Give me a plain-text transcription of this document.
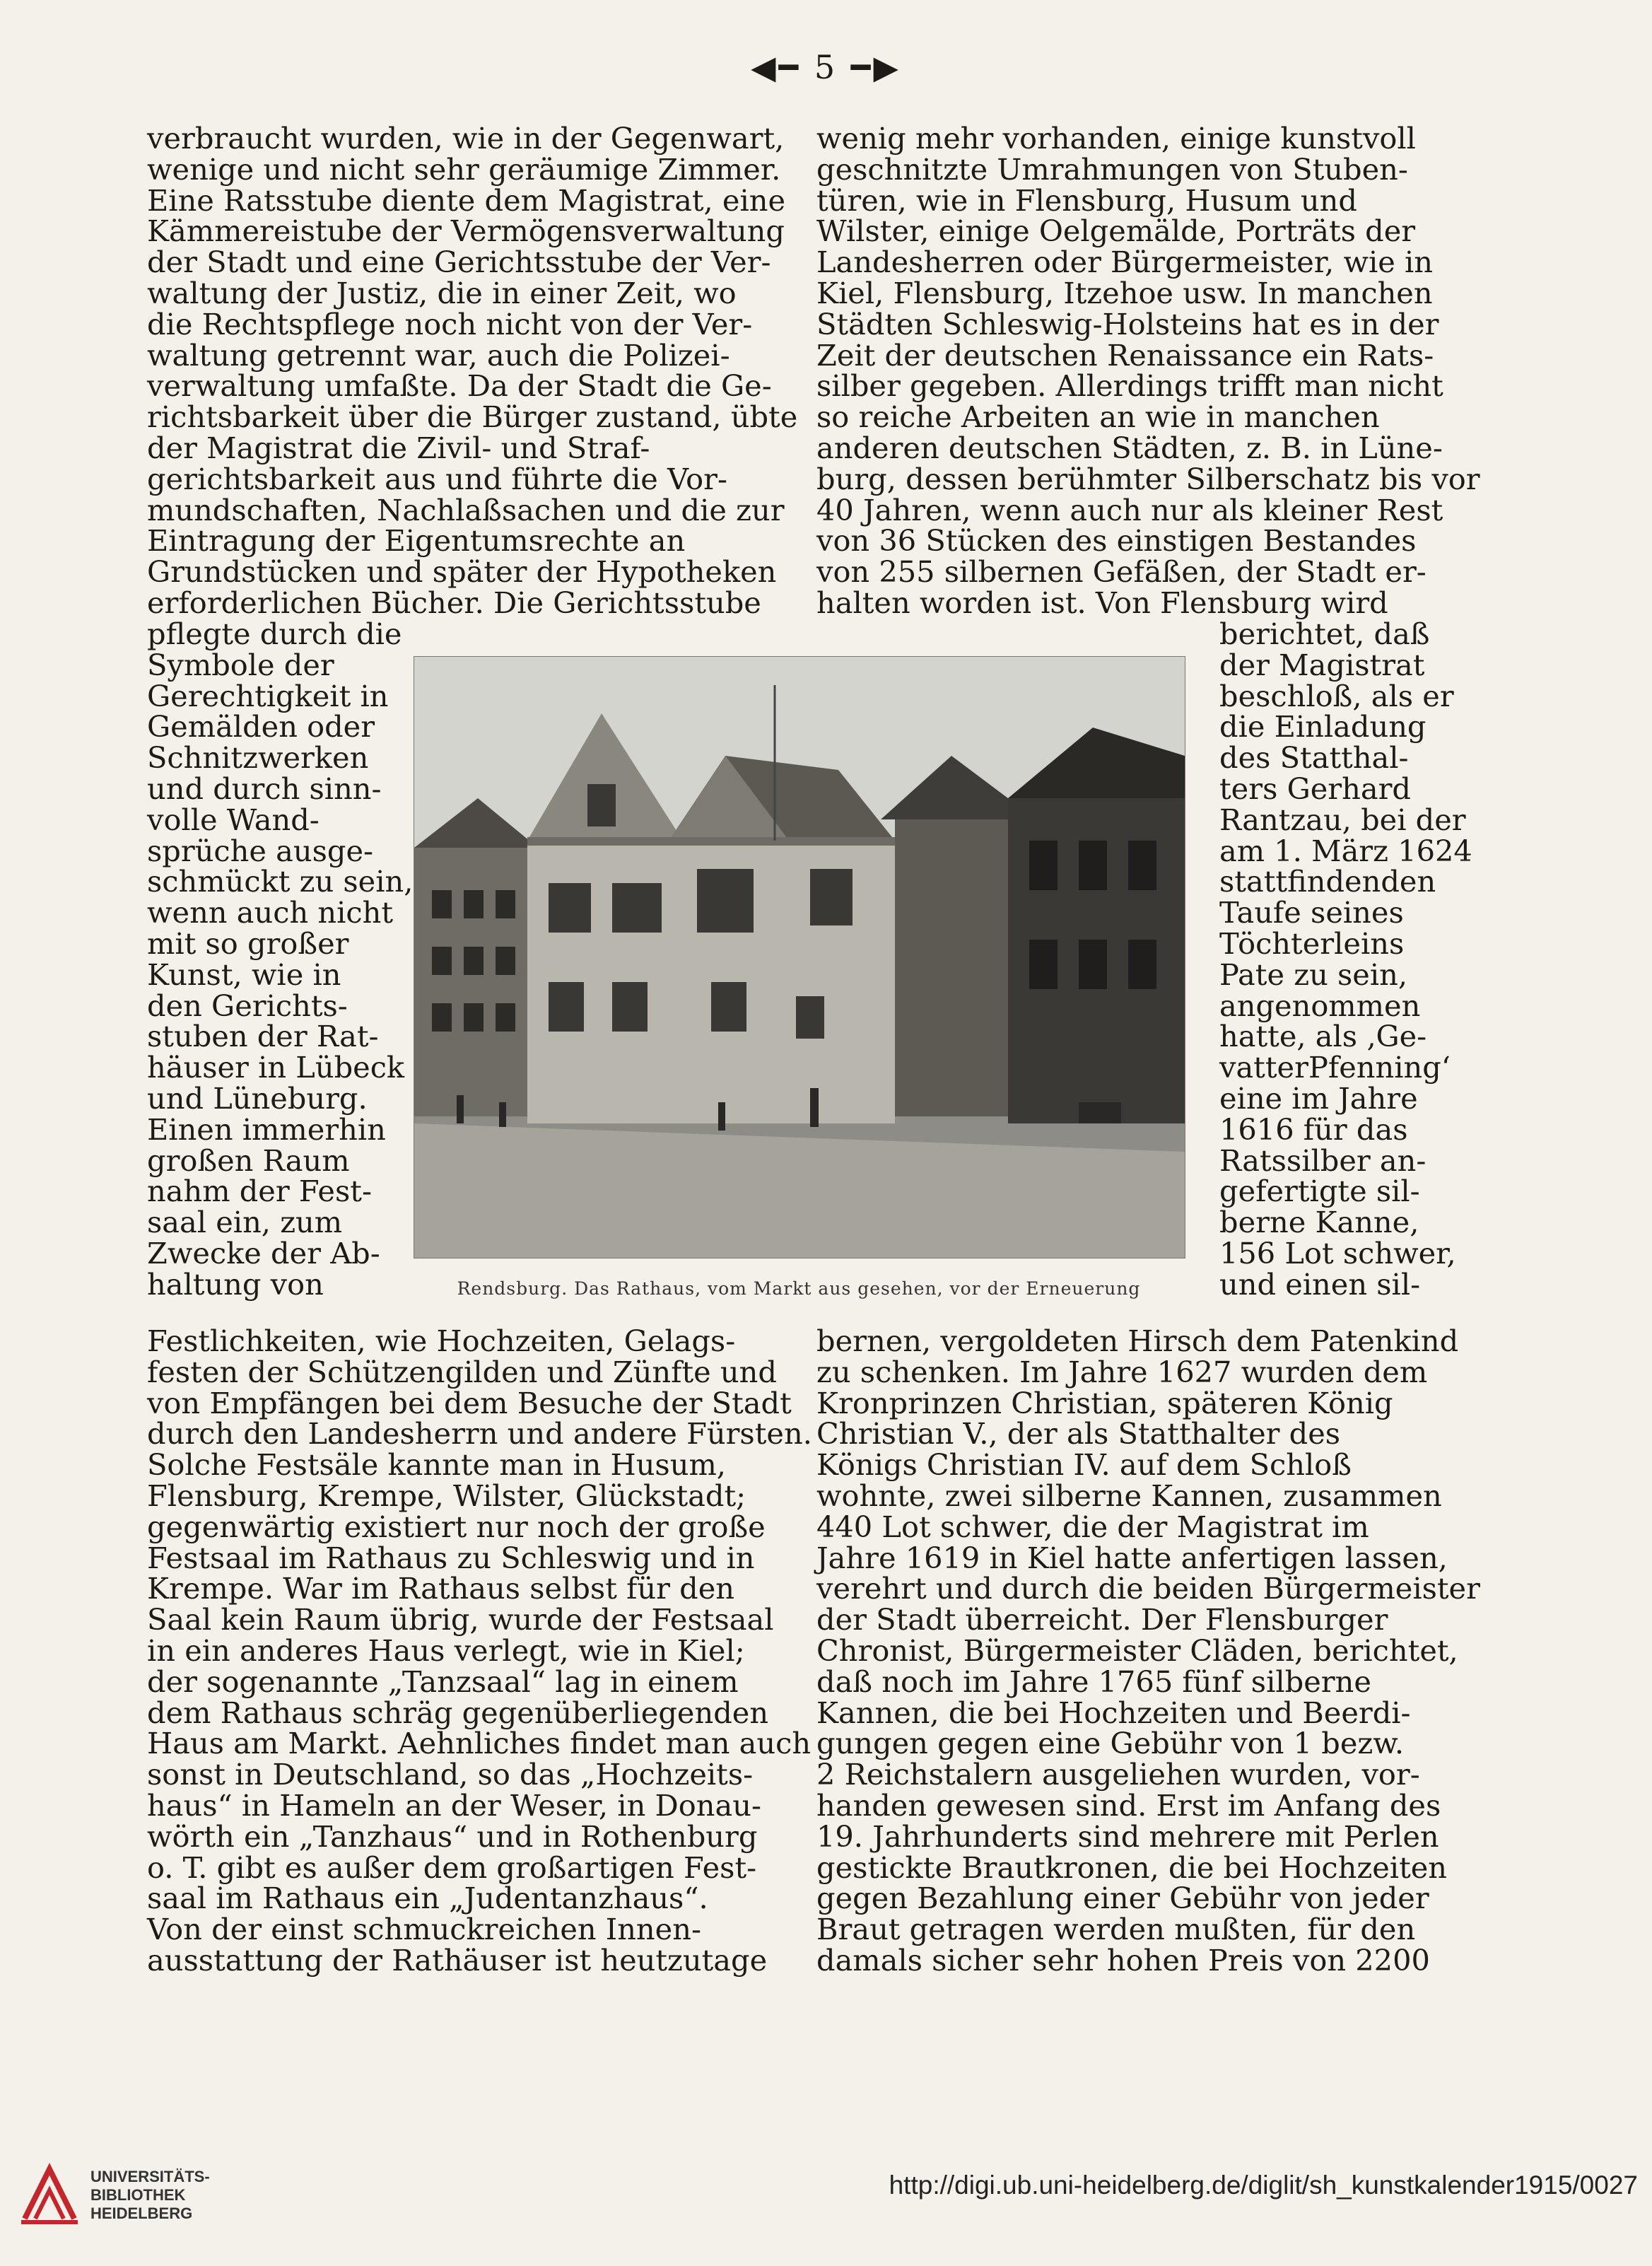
◀━ 5 ━▶
verbraucht wurden, wie in der Gegenwart,
wenige und nicht sehr geräumige Zimmer.
Eine Ratsstube diente dem Magistrat, eine
Kämmereistube der Vermögensverwaltung
der Stadt und eine Gerichtsstube der Ver-
waltung der Justiz, die in einer Zeit, wo
die Rechtspflege noch nicht von der Ver-
waltung getrennt war, auch die Polizei-
verwaltung umfaßte. Da der Stadt die Ge-
richtsbarkeit über die Bürger zustand, übte
der Magistrat die Zivil- und Straf-
gerichtsbarkeit aus und führte die Vor-
mundschaften, Nachlaßsachen und die zur
Eintragung der Eigentumsrechte an
Grundstücken und später der Hypotheken
erforderlichen Bücher. Die Gerichtsstube
pflegte durch die
Symbole der
Gerechtigkeit in
Gemälden oder
Schnitzwerken
und durch sinn-
volle Wand-
sprüche ausge-
schmückt zu sein,
wenn auch nicht
mit so großer
Kunst, wie in
den Gerichts-
stuben der Rat-
häuser in Lübeck
und Lüneburg.
Einen immerhin
großen Raum
nahm der Fest-
saal ein, zum
Zwecke der Ab-
haltung von
Festlichkeiten, wie Hochzeiten, Gelags-
festen der Schützengilden und Zünfte und
von Empfängen bei dem Besuche der Stadt
durch den Landesherrn und andere Fürsten.
Solche Festsäle kannte man in Husum,
Flensburg, Krempe, Wilster, Glückstadt;
gegenwärtig existiert nur noch der große
Festsaal im Rathaus zu Schleswig und in
Krempe. War im Rathaus selbst für den
Saal kein Raum übrig, wurde der Festsaal
in ein anderes Haus verlegt, wie in Kiel;
der sogenannte „Tanzsaal“ lag in einem
dem Rathaus schräg gegenüberliegenden
Haus am Markt. Aehnliches findet man auch
sonst in Deutschland, so das „Hochzeits-
haus“ in Hameln an der Weser, in Donau-
wörth ein „Tanzhaus“ und in Rothenburg
o. T. gibt es außer dem großartigen Fest-
saal im Rathaus ein „Judentanzhaus“.
Von der einst schmuckreichen Innen-
ausstattung der Rathäuser ist heutzutage
wenig mehr vorhanden, einige kunstvoll
geschnitzte Umrahmungen von Stuben-
türen, wie in Flensburg, Husum und
Wilster, einige Oelgemälde, Porträts der
Landesherren oder Bürgermeister, wie in
Kiel, Flensburg, Itzehoe usw. In manchen
Städten Schleswig-Holsteins hat es in der
Zeit der deutschen Renaissance ein Rats-
silber gegeben. Allerdings trifft man nicht
so reiche Arbeiten an wie in manchen
anderen deutschen Städten, z. B. in Lüne-
burg, dessen berühmter Silberschatz bis vor
40 Jahren, wenn auch nur als kleiner Rest
von 36 Stücken des einstigen Bestandes
von 255 silbernen Gefäßen, der Stadt er-
halten worden ist. Von Flensburg wird
berichtet, daß
der Magistrat
beschloß, als er
die Einladung
des Statthal-
ters Gerhard
Rantzau, bei der
am 1. März 1624
stattfindenden
Taufe seines
Töchterleins
Pate zu sein,
angenommen
hatte, als ‚Ge-
vatterPfenning‘
eine im Jahre
1616 für das
Ratssilber an-
gefertigte sil-
berne Kanne,
156 Lot schwer,
und einen sil-
bernen, vergoldeten Hirsch dem Patenkind
zu schenken. Im Jahre 1627 wurden dem
Kronprinzen Christian, späteren König
Christian V., der als Statthalter des
Königs Christian IV. auf dem Schloß
wohnte, zwei silberne Kannen, zusammen
440 Lot schwer, die der Magistrat im
Jahre 1619 in Kiel hatte anfertigen lassen,
verehrt und durch die beiden Bürgermeister
der Stadt überreicht. Der Flensburger
Chronist, Bürgermeister Cläden, berichtet,
daß noch im Jahre 1765 fünf silberne
Kannen, die bei Hochzeiten und Beerdi-
gungen gegen eine Gebühr von 1 bezw.
2 Reichstalern ausgeliehen wurden, vor-
handen gewesen sind. Erst im Anfang des
19. Jahrhunderts sind mehrere mit Perlen
gestickte Brautkronen, die bei Hochzeiten
gegen Bezahlung einer Gebühr von jeder
Braut getragen werden mußten, für den
damals sicher sehr hohen Preis von 2200
Rendsburg. Das Rathaus, vom Markt aus gesehen, vor der Erneuerung
UNIVERSITÄTS-
BIBLIOTHEK
HEIDELBERG
http://digi.ub.uni-heidelberg.de/diglit/sh_kunstkalender1915/0027
